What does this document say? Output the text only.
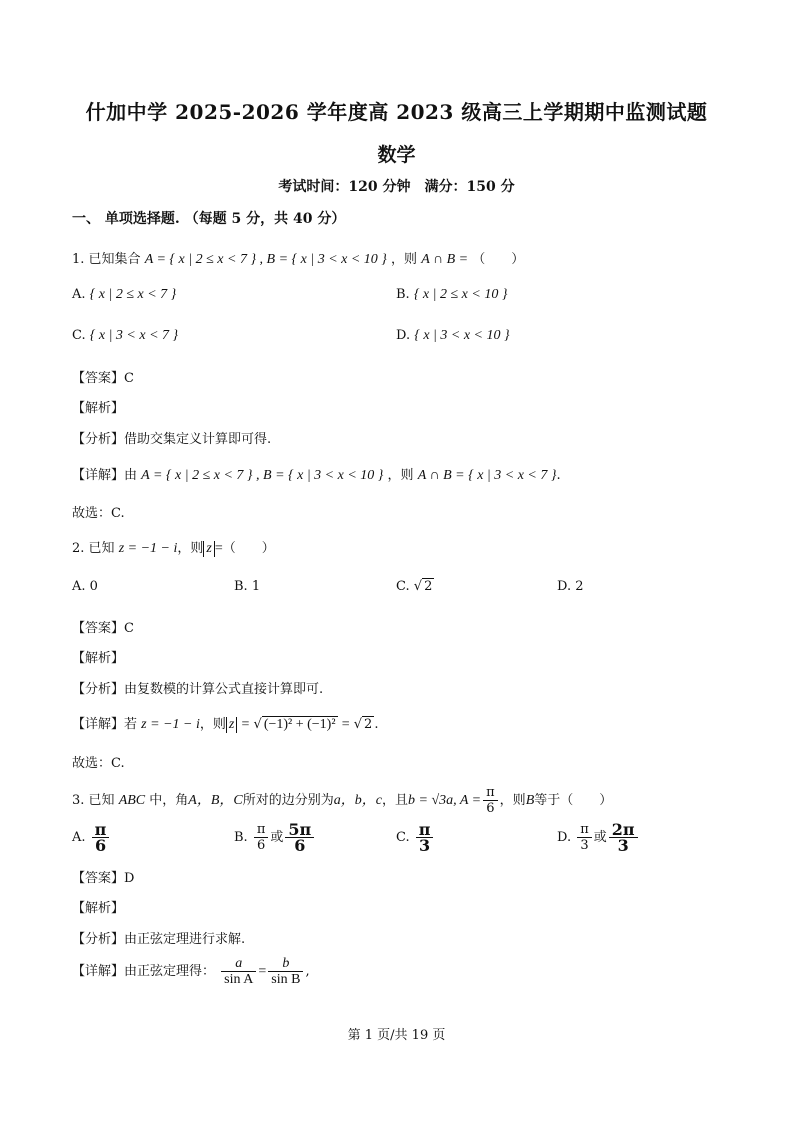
什加中学 2025-2026 学年度高 2023 级高三上学期期中监测试题
数学
考试时间：120 分钟　满分：150 分
一、 单项选择题. （每题 5 分，共 40 分）
1. 已知集合 A = { x | 2 ≤ x < 7 } , B = { x | 3 < x < 10 } ，则 A ∩ B = （　　）
A. { x | 2 ≤ x < 7 }	B. { x | 2 ≤ x < 10 }
C. { x | 3 < x < 7 }	D. { x | 3 < x < 10 }
【答案】C
【解析】
【分析】借助交集定义计算即可得.
【详解】由 A = { x | 2 ≤ x < 7 } , B = { x | 3 < x < 10 } ，则 A ∩ B = { x | 3 < x < 7 }.
故选：C.
2. 已知 z = −1 − i，则 z =（　　）
A. 0	B. 1	C. √ 2	D. 2
【答案】C
【解析】
【分析】由复数模的计算公式直接计算即可.
【详解】若 z = −1 − i，则 z = √ (−1)² + (−1)² = √ 2 .
故选：C.
3. 已知 ABC 中，角A，B，C所对的边分别为a，b，c，且b = √3a, $A = \frac{\pi}{6}$ ，则B等于（　　）
A. $\frac{\pi}{6}$	B. $\frac{\pi}{6}$ 或 $\frac{5\pi}{6}$	C. $\frac{\pi}{3}$	D. $\frac{\pi}{3}$ 或 $\frac{2\pi}{3}$
【答案】D
【解析】
【分析】由正弦定理进行求解.
【详解】由正弦定理得： $\frac{a}{\text{sin A}} = \frac{b}{\text{sin B}}$ ,
第 1 页/共 19 页
